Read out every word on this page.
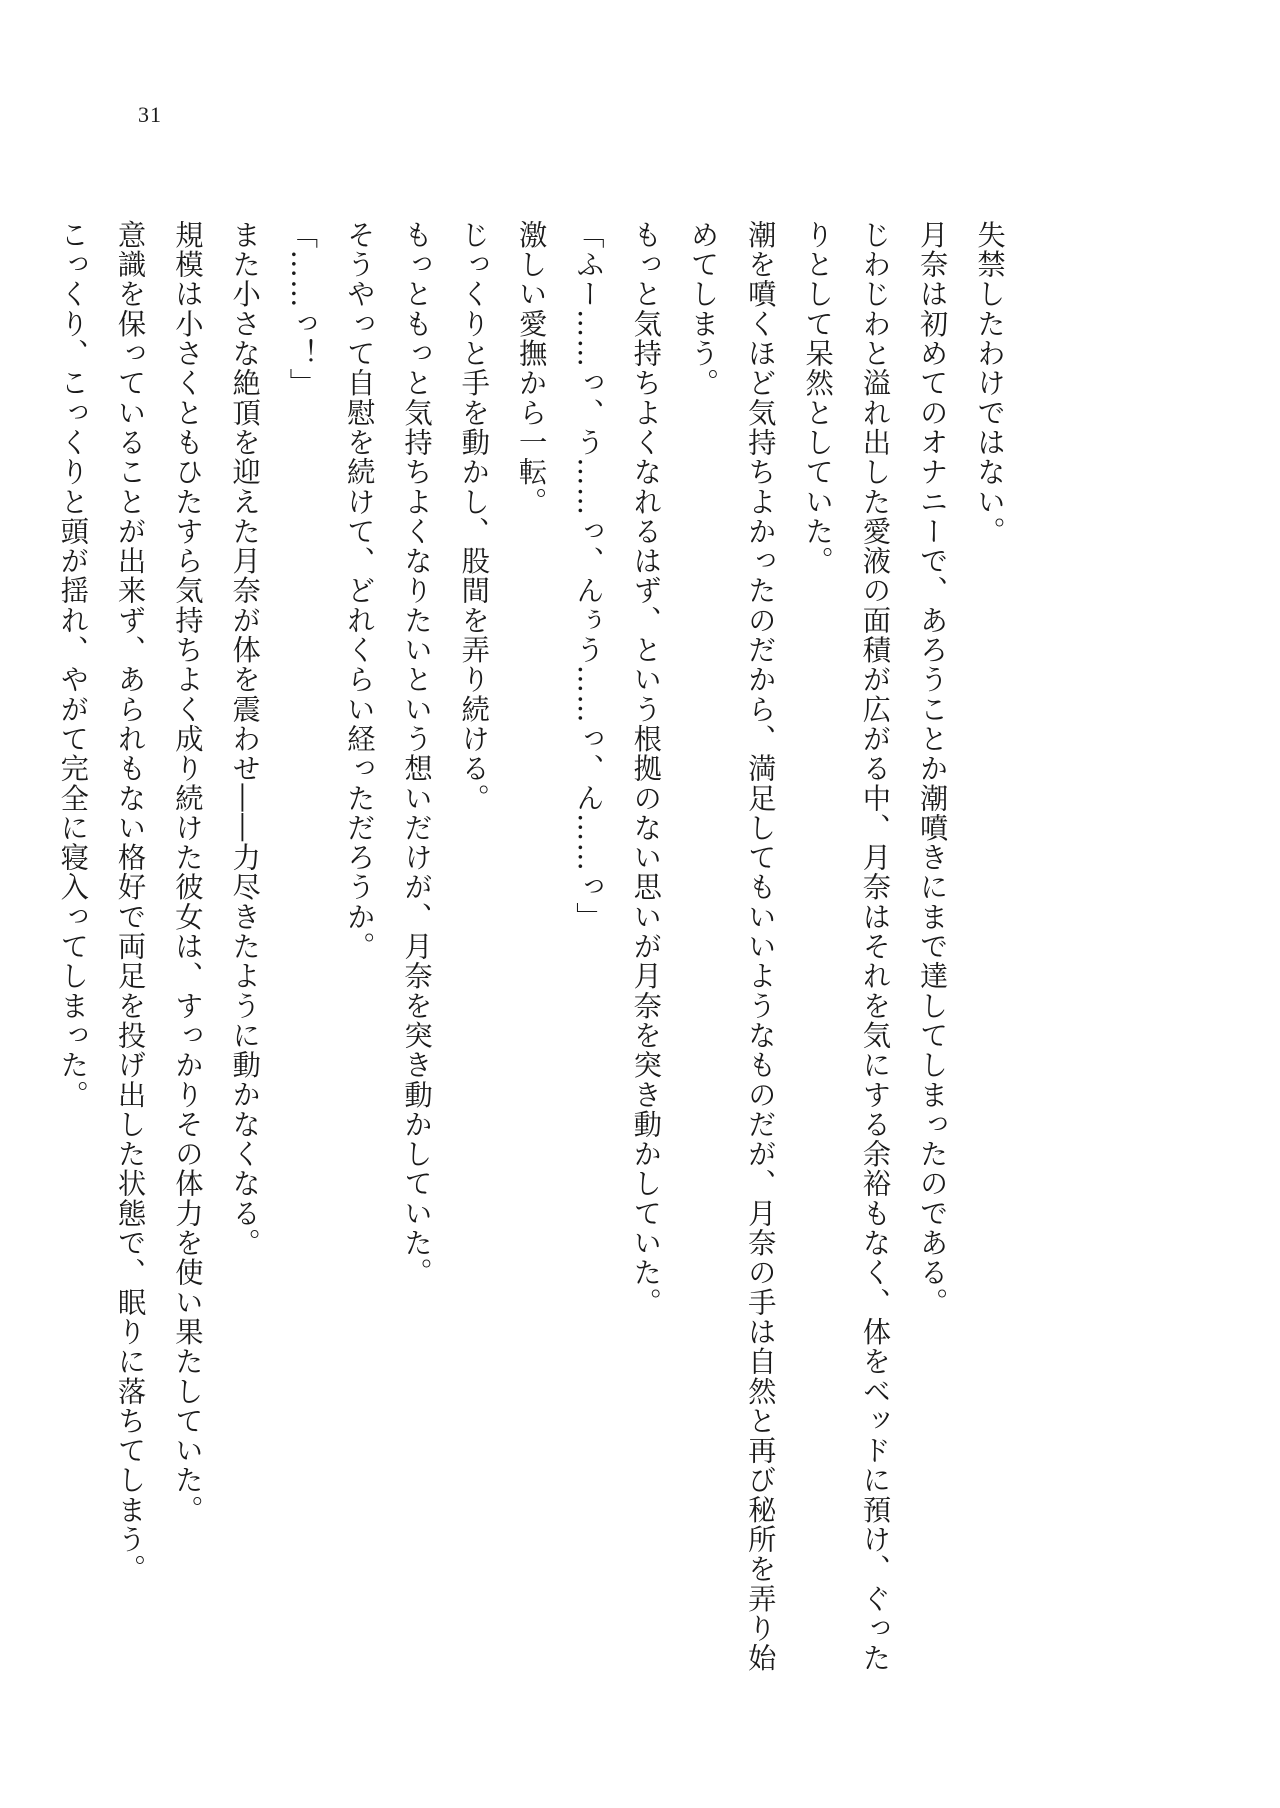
31
失禁したわけではない。
月奈は初めてのオナニーで、あろうことか潮噴きにまで達してしまったのである。
じわじわと溢れ出した愛液の面積が広がる中、月奈はそれを気にする余裕もなく、体をベッドに預け、ぐった
りとして呆然としていた。
潮を噴くほど気持ちよかったのだから、満足してもいいようなものだが、月奈の手は自然と再び秘所を弄り始
めてしまう。
もっと気持ちよくなれるはず、という根拠のない思いが月奈を突き動かしていた。
「ふー……っ、う……っ、んぅう……っ、ん……っ」
激しい愛撫から一転。
じっくりと手を動かし、股間を弄り続ける。
もっともっと気持ちよくなりたいという想いだけが、月奈を突き動かしていた。
そうやって自慰を続けて、どれくらい経っただろうか。
「……っ！」
また小さな絶頂を迎えた月奈が体を震わせ――力尽きたように動かなくなる。
規模は小さくともひたすら気持ちよく成り続けた彼女は、すっかりその体力を使い果たしていた。
意識を保っていることが出来ず、あられもない格好で両足を投げ出した状態で、眠りに落ちてしまう。
こっくり、こっくりと頭が揺れ、やがて完全に寝入ってしまった。
